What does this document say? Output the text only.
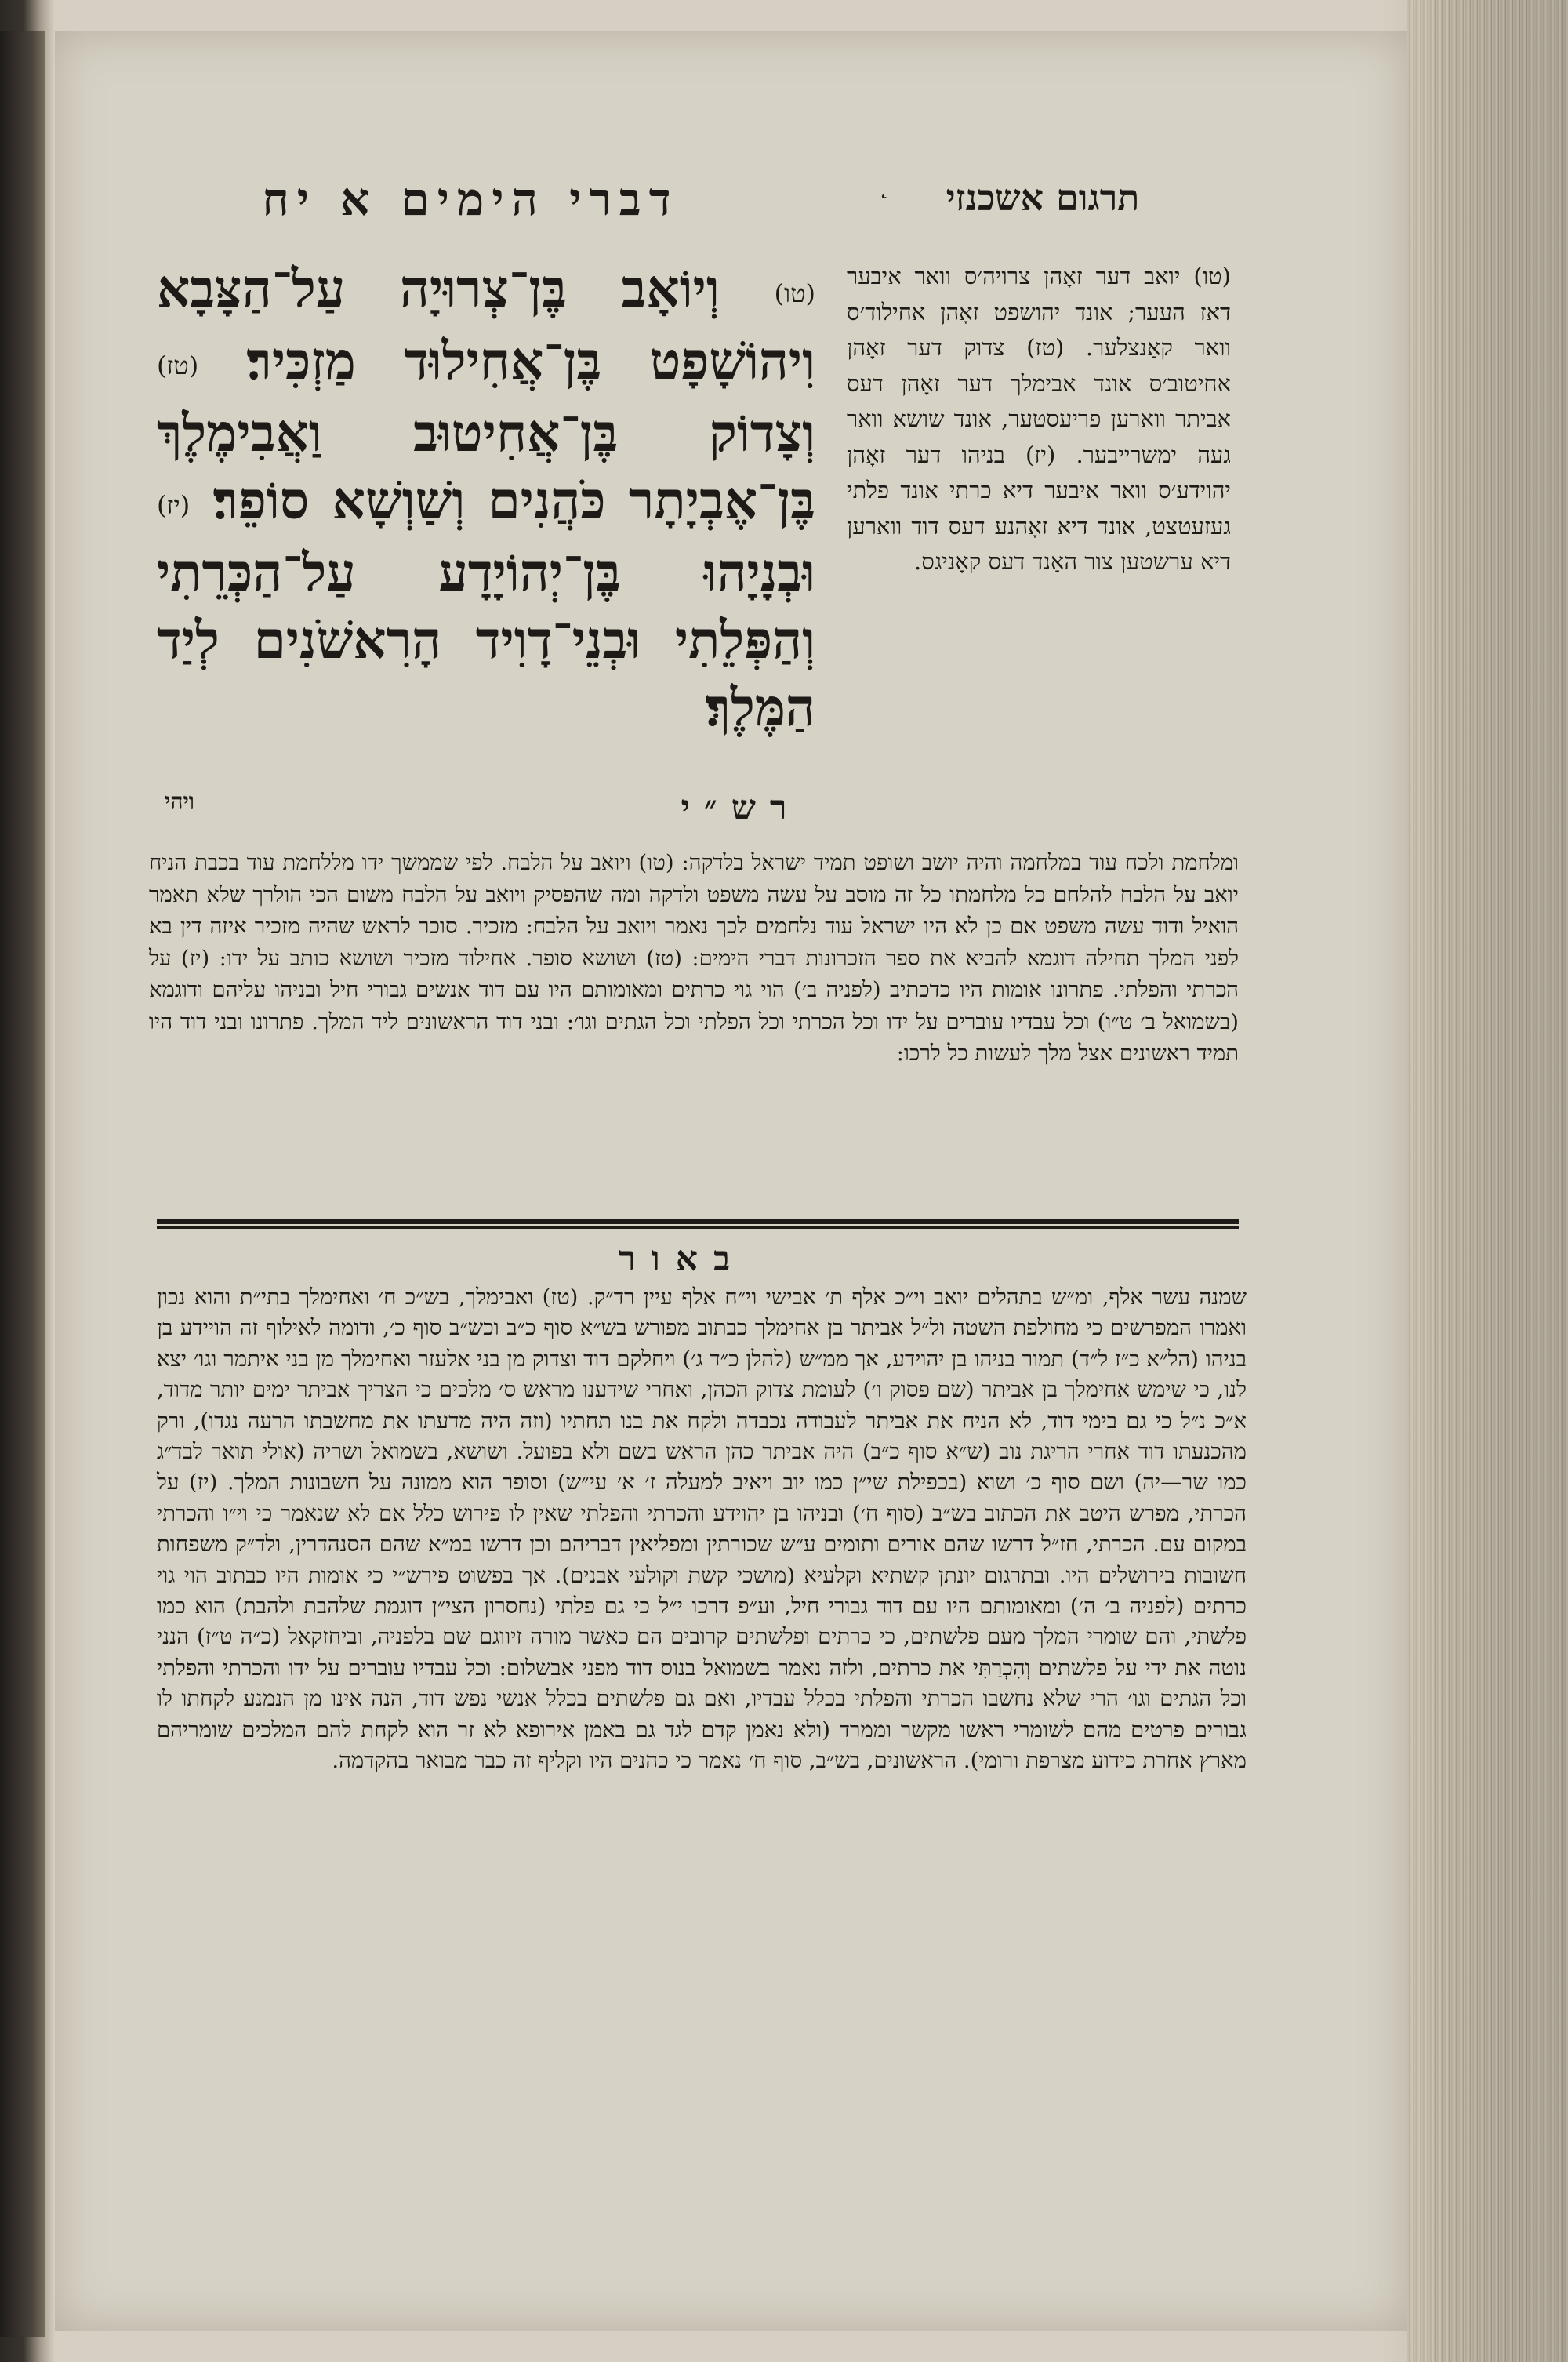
דברי הימים א יח	˛	תרגום אשכנזי

(טו) וְיוֹאָב בֶּן־צְרוּיָה עַל־הַצָּבָא וִיהוֹשָׁפָט בֶּן־אֲחִילוּד מַזְכִּיר׃ (טז) וְצָדוֹק בֶּן־אֲחִיטוּב וַאֲבִימֶלֶךְ בֶּן־אֶבְיָתָר כֹּהֲנִים וְשַׁוְשָׁא סוֹפֵר׃ (יז) וּבְנָיָהוּ בֶּן־יְהוֹיָדָע עַל־הַכְּרֵתִי וְהַפְּלֵתִי וּבְנֵי־דָוִיד הָרִאשֹׁנִים לְיַד הַמֶּלֶךְ׃

ויהי

(טו) יואב דער זאָהן צרויה׳ס וואר איבער דאז העער; אונד יהושפט זאָהן אחילוד׳ס וואר קאַנצלער. (טז) צדוק דער זאָהן אחיטוב׳ס אונד אבימלך דער זאָהן דעס אביתר ווארען פריעסטער, אונד שושא וואר געה ימשרייבער. (יז) בניהו דער זאָהן יהוידע׳ס וואר איבער דיא כרתי אונד פלתי געזעטצט, אונד דיא זאָהנע דעס דוד ווארען דיא ערשטען צור האַנד דעס קאָניגס.

רש״י

ומלחמת ולכח עוד במלחמה והיה יושב ושופט תמיד ישראל בלדקה: (טו) ויואב על הלבח. לפי שממשך ידו מללחמת עוד בכבת הניח יואב על הלבח להלחם כל מלחמתו כל זה מוסב על עשה משפט ולדקה ומה שהפסיק ויואב על הלבח משום הכי הולרך שלא תאמר הואיל ודוד עשה משפט אם כן לא היו ישראל עוד נלחמים לכך נאמר ויואב על הלבח: מזכיר. סוכר לראש שהיה מזכיר איזה דין בא לפני המלך תחילה דוגמא להביא את ספר הזכרונות דברי הימים: (טז) ושושא סופר. אחילוד מזכיר ושושא כותב על ידו: (יז) על הכרתי והפלתי. פתרונו אומות היו כדכתיב (לפניה ב׳) הוי גוי כרתים ומאומותם היו עם דוד אנשים גבורי חיל ובניהו עליהם ודוגמא (בשמואל ב׳ ט״ו) וכל עבדיו עוברים על ידו וכל הכרתי וכל הפלתי וכל הגתים וגו׳: ובני דוד הראשונים ליד המלך. פתרונו ובני דוד היו תמיד ראשונים אצל מלך לעשות כל לרכו:

באור

שמנה עשר אלף, ומ״ש בתהלים יואב וי״כ אלף ת׳ אבישי וי״ח אלף עיין רד״ק. (טז) ואבימלך, בש״כ ח׳ ואחימלך בתי״ת והוא נכון ואמרו המפרשים כי מחולפת השטה ול״ל אביתר בן אחימלך כבתוב מפורש בש״א סוף כ״ב וכש״ב סוף כ׳, ודומה לאילוף זה הויידע בן בניהו (הל״א כ״ז ל״ד) תמור בניהו בן יהוידע, אך ממ״ש (להלן כ״ד ג׳) ויחלקם דוד וצדוק מן בני אלעזר ואחימלך מן בני איתמר וגו׳ יצא לנו, כי שימש אחימלך בן אביתר (שם פסוק ו׳) לעומת צדוק הכהן, ואחרי שידענו מראש ס׳ מלכים כי הצריך אביתר ימים יותר מדוד, א״כ נ״ל כי גם בימי דוד, לא הניח את אביתר לעבודה נכבדה ולקח את בנו תחתיו (וזה היה מדעתו את מחשבתו הרעה נגדו), ורק מהכנעתו דוד אחרי הריגת נוב (ש״א סוף כ״ב) היה אביתר כהן הראש בשם ולא בפועל. ושושא, בשמואל ושריה (אולי תואר לבד״ג כמו שר—יה) ושם סוף כ׳ ושוא (בכפילת שי״ן כמו יוב ויאיב למעלה ז׳ א׳ עי״ש) וסופר הוא ממונה על חשבונות המלך. (יז) על הכרתי, מפרש היטב את הכתוב בש״ב (סוף ח׳) ובניהו בן יהוידע והכרתי והפלתי שאין לו פירוש כלל אם לא שנאמר כי וי״ו והכרתי במקום עם. הכרתי, חז״ל דרשו שהם אורים ותומים ע״ש שכורתין ומפליאין דבריהם וכן דרשו במ״א שהם הסנהדרין, ולד״ק משפחות חשובות בירושלים היו. ובתרגום יונתן קשתיא וקלעיא (מושכי קשת וקולעי אבנים). אך בפשוט פירש״י כי אומות היו כבתוב הוי גוי כרתים (לפניה ב׳ ה׳) ומאומותם היו עם דוד גבורי חיל, וע״פ דרכו י״ל כי גם פלתי (נחסרון הצי״ן דוגמת שלהבת ולהבת) הוא כמו פלשתי, והם שומרי המלך מעם פלשתים, כי כרתים ופלשתים קרובים הם כאשר מורה זיווגם שם בלפניה, וביחזקאל (כ״ה ט״ז) הנני נוטה את ידי על פלשתים וְהִכְרַתִּי את כרתים, ולזה נאמר בשמואל בנוס דוד מפני אבשלום: וכל עבדיו עוברים על ידו והכרתי והפלתי וכל הגתים וגו׳ הרי שלא נחשבו הכרתי והפלתי בכלל עבדיו, ואם גם פלשתים בכלל אנשי נפש דוד, הנה אינו מן הנמנע לקחתו לו גבורים פרטים מהם לשומרי ראשו מקשר וממרד (ולא נאמן קדם לגד גם באמן אירופא לא זר הוא לקחת להם המלכים שומריהם מארץ אחרת כידוע מצרפת ורומי). הראשונים, בש״ב, סוף ח׳ נאמר כי כהנים היו וקליף זה כבר מבואר בהקדמה.
